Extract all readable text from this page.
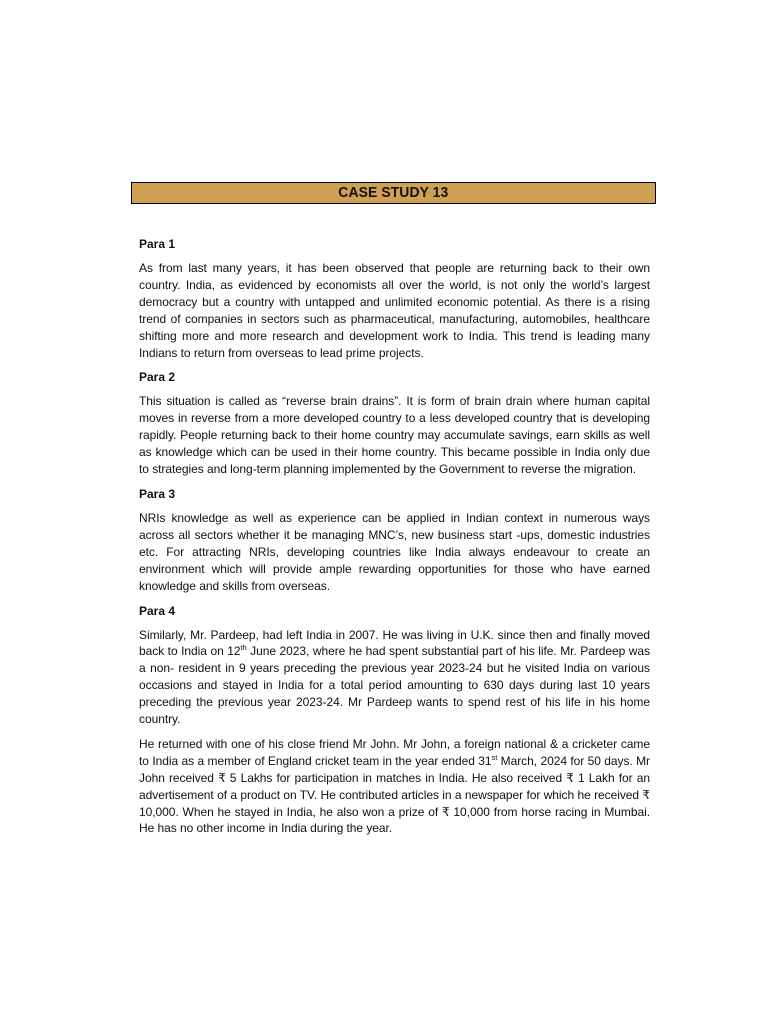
CASE STUDY 13
Para 1

As from last many years, it has been observed that people are returning back to their own country. India, as evidenced by economists all over the world, is not only the world’s largest democracy but a country with untapped and unlimited economic potential. As there is a rising trend of companies in sectors such as pharmaceutical, manufacturing, automobiles, healthcare shifting more and more research and development work to India. This trend is leading many Indians to return from overseas to lead prime projects.

Para 2

This situation is called as “reverse brain drains”. It is form of brain drain where human capital moves in reverse from a more developed country to a less developed country that is developing rapidly. People returning back to their home country may accumulate savings, earn skills as well as knowledge which can be used in their home country. This became possible in India only due to strategies and long-term planning implemented by the Government to reverse the migration.

Para 3

NRIs knowledge as well as experience can be applied in Indian context in numerous ways across all sectors whether it be managing MNC’s, new business start -ups, domestic industries etc. For attracting NRIs, developing countries like India always endeavour to create an environment which will provide ample rewarding opportunities for those who have earned knowledge and skills from overseas.

Para 4

Similarly, Mr. Pardeep, had left India in 2007. He was living in U.K. since then and finally moved back to India on 12th June 2023, where he had spent substantial part of his life. Mr. Pardeep was a non- resident in 9 years preceding the previous year 2023-24 but he visited India on various occasions and stayed in India for a total period amounting to 630 days during last 10 years preceding the previous year 2023-24. Mr Pardeep wants to spend rest of his life in his home country.

He returned with one of his close friend Mr John. Mr John, a foreign national & a cricketer came to India as a member of England cricket team in the year ended 31st March, 2024 for 50 days. Mr John received ₹ 5 Lakhs for participation in matches in India. He also received ₹ 1 Lakh for an advertisement of a product on TV. He contributed articles in a newspaper for which he received ₹ 10,000. When he stayed in India, he also won a prize of ₹ 10,000 from horse racing in Mumbai. He has no other income in India during the year.
